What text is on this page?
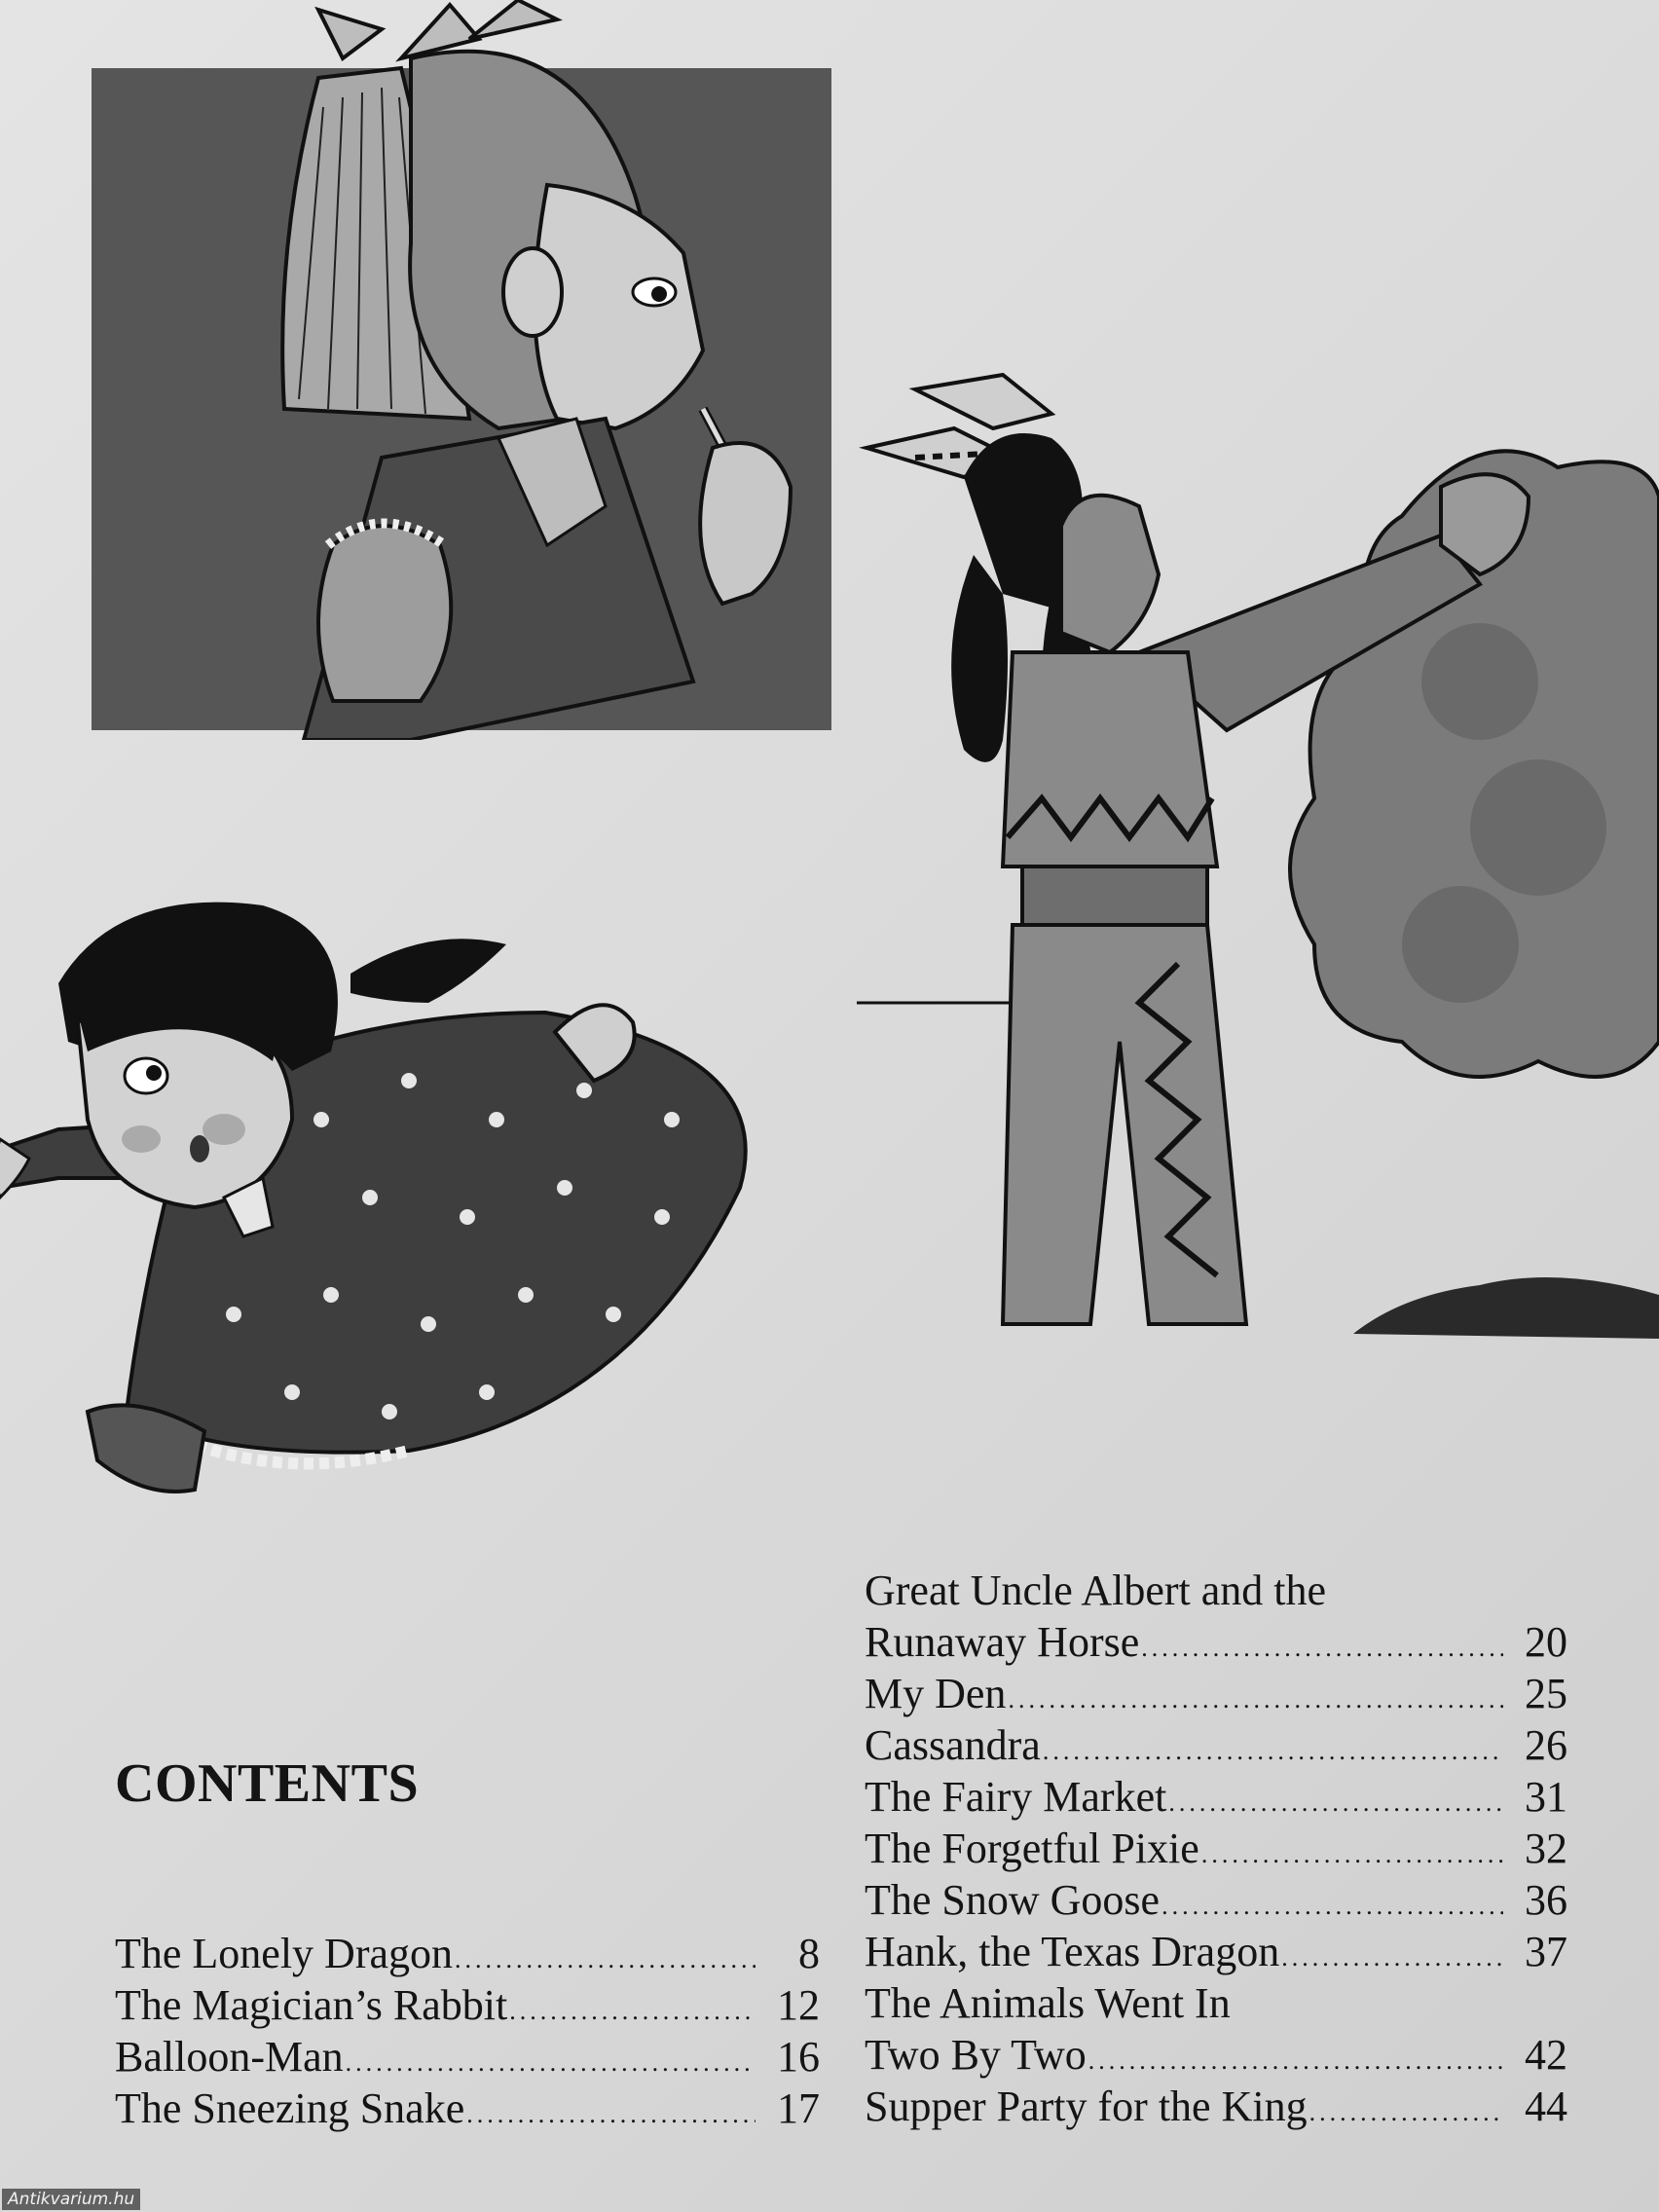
CONTENTS
The Lonely Dragon .....	8
The Magician’s Rabbit .....	12
Balloon-Man .....	16
The Sneezing Snake .....	17
Great Uncle Albert and the
Runaway Horse .....	20
My Den .....	25
Cassandra .....	26
The Fairy Market .....	31
The Forgetful Pixie .....	32
The Snow Goose .....	36
Hank, the Texas Dragon .....	37
The Animals Went In
Two By Two .....	42
Supper Party for the King .....	44
Antikvarium.hu
